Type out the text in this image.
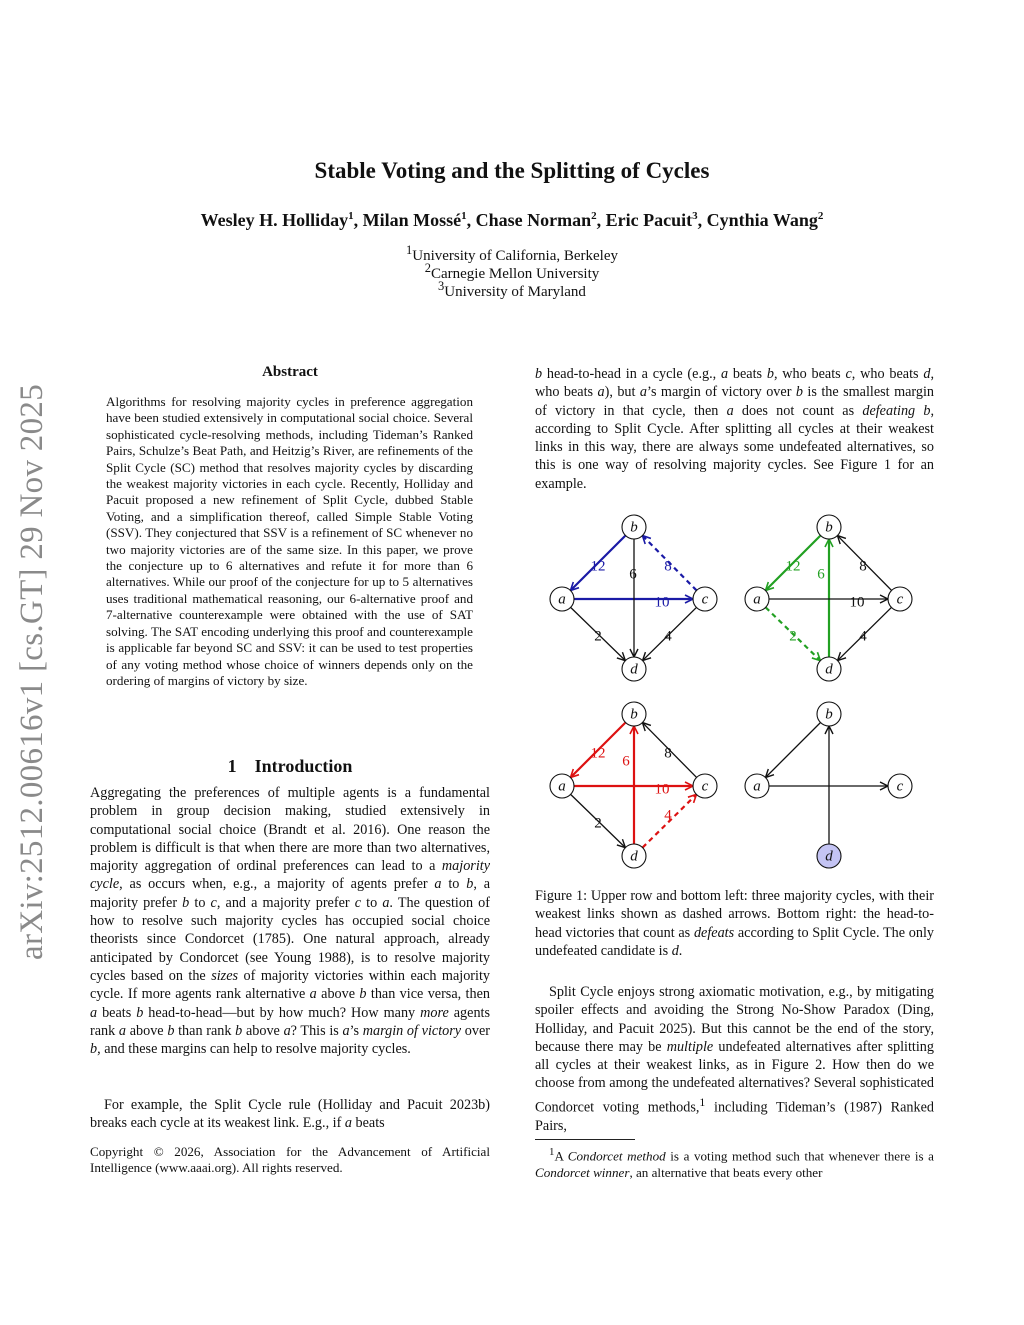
arXiv:2512.00616v1 [cs.GT] 29 Nov 2025
Stable Voting and the Splitting of Cycles
Wesley H. Holliday$^1$, Milan Mossé$^1$, Chase Norman$^2$, Eric Pacuit$^3$, Cynthia Wang$^2$
$^1$University of California, Berkeley
$^2$Carnegie Mellon University
$^3$University of Maryland
Abstract

Algorithms for resolving majority cycles in preference aggregation have been studied extensively in computational social choice. Several sophisticated cycle-resolving methods, including Tideman’s Ranked Pairs, Schulze’s Beat Path, and Heitzig’s River, are refinements of the Split Cycle (SC) method that resolves majority cycles by discarding the weakest majority victories in each cycle. Recently, Holliday and Pacuit proposed a new refinement of Split Cycle, dubbed Stable Voting, and a simplification thereof, called Simple Stable Voting (SSV). They conjectured that SSV is a refinement of SC whenever no two majority victories are of the same size. In this paper, we prove the conjecture up to 6 alternatives and refute it for more than 6 alternatives. While our proof of the conjecture for up to 5 alternatives uses traditional mathematical reasoning, our 6-alternative proof and 7-alternative counterexample were obtained with the use of SAT solving. The SAT encoding underlying this proof and counterexample is applicable far beyond SC and SSV: it can be used to test properties of any voting method whose choice of winners depends only on the ordering of margins of victory by size.

1 Introduction

Aggregating the preferences of multiple agents is a fundamental problem in group decision making, studied extensively in computational social choice (Brandt et al. 2016). One reason the problem is difficult is that when there are more than two alternatives, majority aggregation of ordinal preferences can lead to a majority cycle, as occurs when, e.g., a majority of agents prefer a to b, a majority prefer b to c, and a majority prefer c to a. The question of how to resolve such majority cycles has occupied social choice theorists since Condorcet (1785). One natural approach, already anticipated by Condorcet (see Young 1988), is to resolve majority cycles based on the sizes of majority victories within each majority cycle. If more agents rank alternative a above b than vice versa, then a beats b head-to-head—but by how much? How many more agents rank a above b than rank b above a? This is a’s margin of victory over b, and these margins can help to resolve majority cycles.

For example, the Split Cycle rule (Holliday and Pacuit 2023b) breaks each cycle at its weakest link. E.g., if a beats

Copyright © 2026, Association for the Advancement of Artificial Intelligence (www.aaai.org). All rights reserved.

b head-to-head in a cycle (e.g., a beats b, who beats c, who beats d, who beats a), but a’s margin of victory over b is the smallest margin of victory in that cycle, then a does not count as defeating b, according to Split Cycle. After splitting all cycles at their weakest links in this way, there are always some undefeated alternatives, so this is one way of resolving majority cycles. See Figure 1 for an example.

12	8
6
10
2	4
a
b
c
d
12	8
6
10
2	4
a
b
c
d
12	8
6
10
2	4
a
b
c
d
a
b
c
d

Figure 1: Upper row and bottom left: three majority cycles, with their weakest links shown as dashed arrows. Bottom right: the head-to-head victories that count as defeats according to Split Cycle. The only undefeated candidate is d.

Split Cycle enjoys strong axiomatic motivation, e.g., by mitigating spoiler effects and avoiding the Strong No-Show Paradox (Ding, Holliday, and Pacuit 2025). But this cannot be the end of the story, because there may be multiple undefeated alternatives after splitting all cycles at their weakest links, as in Figure 2. How then do we choose from among the undefeated alternatives? Several sophisticated Condorcet voting methods,$^1$ including Tideman’s (1987) Ranked Pairs,

$^1$A Condorcet method is a voting method such that whenever there is a Condorcet winner, an alternative that beats every other
